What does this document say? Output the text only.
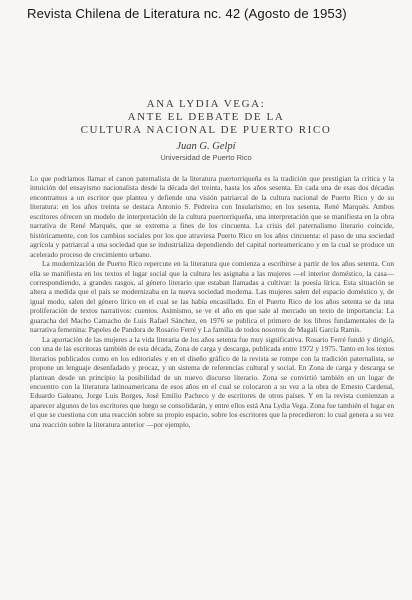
Revista Chilena de Literatura nc. 42 (Agosto de 1953)
ANA LYDIA VEGA:
ANTE EL DEBATE DE LA
CULTURA NACIONAL DE PUERTO RICO
Juan G. Gelpí
Universidad de Puerto Rico

Lo que podríamos llamar el canon paternalista de la literatura puertorriqueña es la tradición que prestigian la crítica y la intuición del ensayismo nacionalista desde la década del treinta, hasta los años sesenta. En cada una de esas dos décadas encontramos a un escritor que plantea y defiende una visión patriarcal de la cultura nacional de Puerto Rico y de su literatura: en los años treinta se destaca Antonio S. Pedreira con Insularismo; en los sesenta, René Marqués. Ambos escritores ofrecen un modelo de interpretación de la cultura puertorriqueña, una interpretación que se manifiesta en la obra narrativa de René Marqués, que se extrema a fines de los cincuenta. La crisis del paternalismo literario coincide, históricamente, con los cambios sociales por los que atraviesa Puerto Rico en los años cincuenta: el paso de una sociedad agrícola y patriarcal a una sociedad que se industrializa dependiendo del capital norteamericano y en la cual se produce un acelerado proceso de crecimiento urbano.

La modernización de Puerto Rico repercute en la literatura que comienza a escribirse a partir de los años setenta. Con ella se manifiesta en los textos el lugar social que la cultura les asignaba a las mujeres —el interior doméstico, la casa— correspondiendo, a grandes rasgos, al género literario que estaban llamadas a cultivar: la poesía lírica. Esta situación se altera a medida que el país se modernizaba en la nueva sociedad moderna. Las mujeres salen del espacio doméstico y, de igual modo, salen del género lírico en el cual se las había encasillado. En el Puerto Rico de los años setenta se da una proliferación de textos narrativos: cuentos. Asimismo, se ve el año en que sale al mercado un texto de importancia: La guaracha del Macho Camacho de Luis Rafael Sánchez, en 1976 se publica el primero de los libros fundamentales de la narrativa femenina: Papeles de Pandora de Rosario Ferré y La familia de todos nosotros de Magali García Ramis.

La aportación de las mujeres a la vida literaria de los años setenta fue muy significativa. Rosario Ferré fundó y dirigió, con una de las escritoras también de esta década, Zona de carga y descarga, publicada entre 1972 y 1975. Tanto en los textos literarios publicados como en los editoriales y en el diseño gráfico de la revista se rompe con la tradición paternalista, se propone un lenguaje desenfadado y procaz, y un sistema de referencias cultural y social. En Zona de carga y descarga se plantean desde un principio la posibilidad de un nuevo discurso literario. Zona se convirtió también en un lugar de encuentro con la literatura latinoamericana de esos años en el cual se colocaron a su vez a la obra de Ernesto Cardenal, Eduardo Galeano, Jorge Luis Borges, José Emilio Pacheco y de escritores de otros países. Y en la revista comienzan a aparecer algunos de los escritores que luego se consolidarán, y entre ellos está Ana Lydia Vega. Zona fue también el lugar en el que se cuestiona con una reacción sobre su propio espacio, sobre los escritores que la precedieron: lo cual genera a su vez una reacción sobre la literatura anterior —por ejemplo,
